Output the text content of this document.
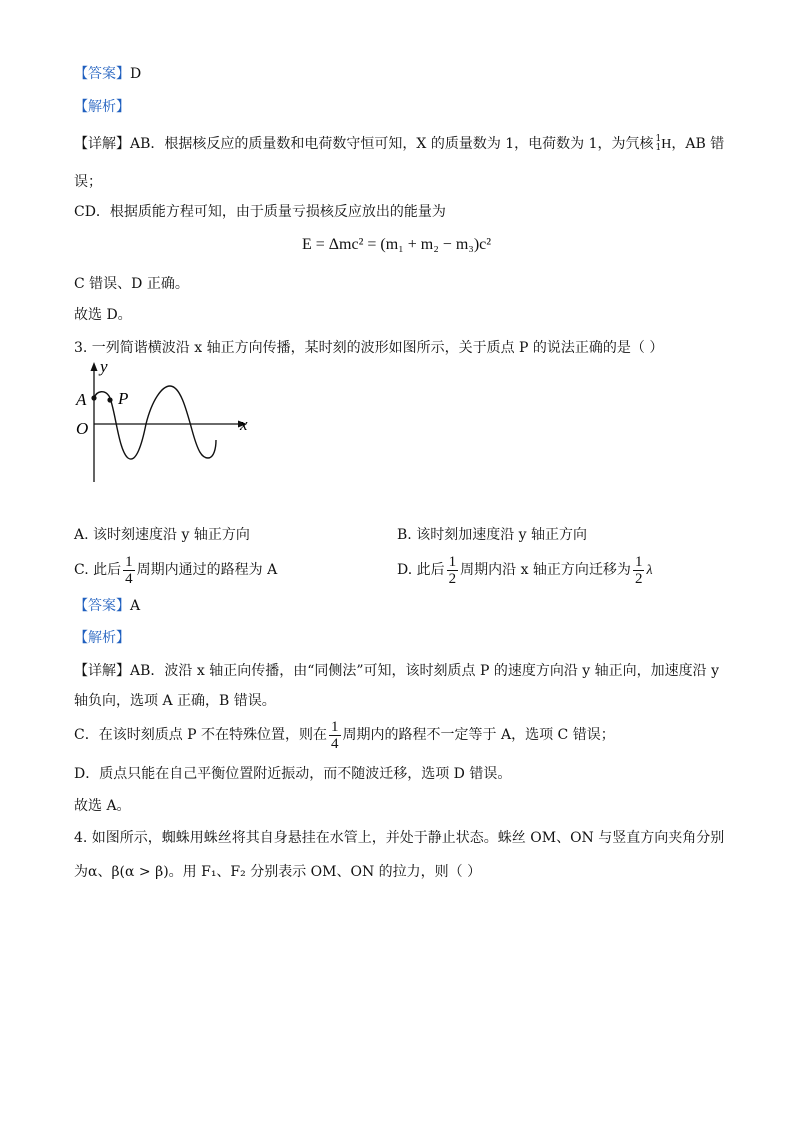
【答案】D
【解析】
【详解】AB．根据核反应的质量数和电荷数守恒可知，X 的质量数为 1，电荷数为 1，为氕核 1
1 H，AB 错
误；
CD．根据质能方程可知，由于质量亏损核反应放出的能量为
E = Δmc² = (m₁ + m₂ − m₃)c²
C 错误、D 正确。
故选 D。
3. 一列简谐横波沿 x 轴正方向传播，某时刻的波形如图所示，关于质点 P 的说法正确的是（ ）
y
x
A
O
P
A. 该时刻速度沿 y 轴正方向	B. 该时刻加速度沿 y 轴正方向
C. 此后 $\frac{1}{4}$ 周期内通过的路程为 A	D. 此后 $\frac{1}{2}$ 周期内沿 x 轴正方向迁移为 $\frac{1}{2}$ λ
【答案】A
【解析】
【详解】AB．波沿 x 轴正向传播，由“同侧法”可知，该时刻质点 P 的速度方向沿 y 轴正向，加速度沿 y
轴负向，选项 A 正确，B 错误。
C．在该时刻质点 P 不在特殊位置，则在 $\frac{1}{4}$ 周期内的路程不一定等于 A，选项 C 错误；
D．质点只能在自己平衡位置附近振动，而不随波迁移，选项 D 错误。
故选 A。
4. 如图所示，蜘蛛用蛛丝将其自身悬挂在水管上，并处于静止状态。蛛丝 OM、ON 与竖直方向夹角分别
为α、β(α > β)。用 F₁、F₂ 分别表示 OM、ON 的拉力，则（ ）
